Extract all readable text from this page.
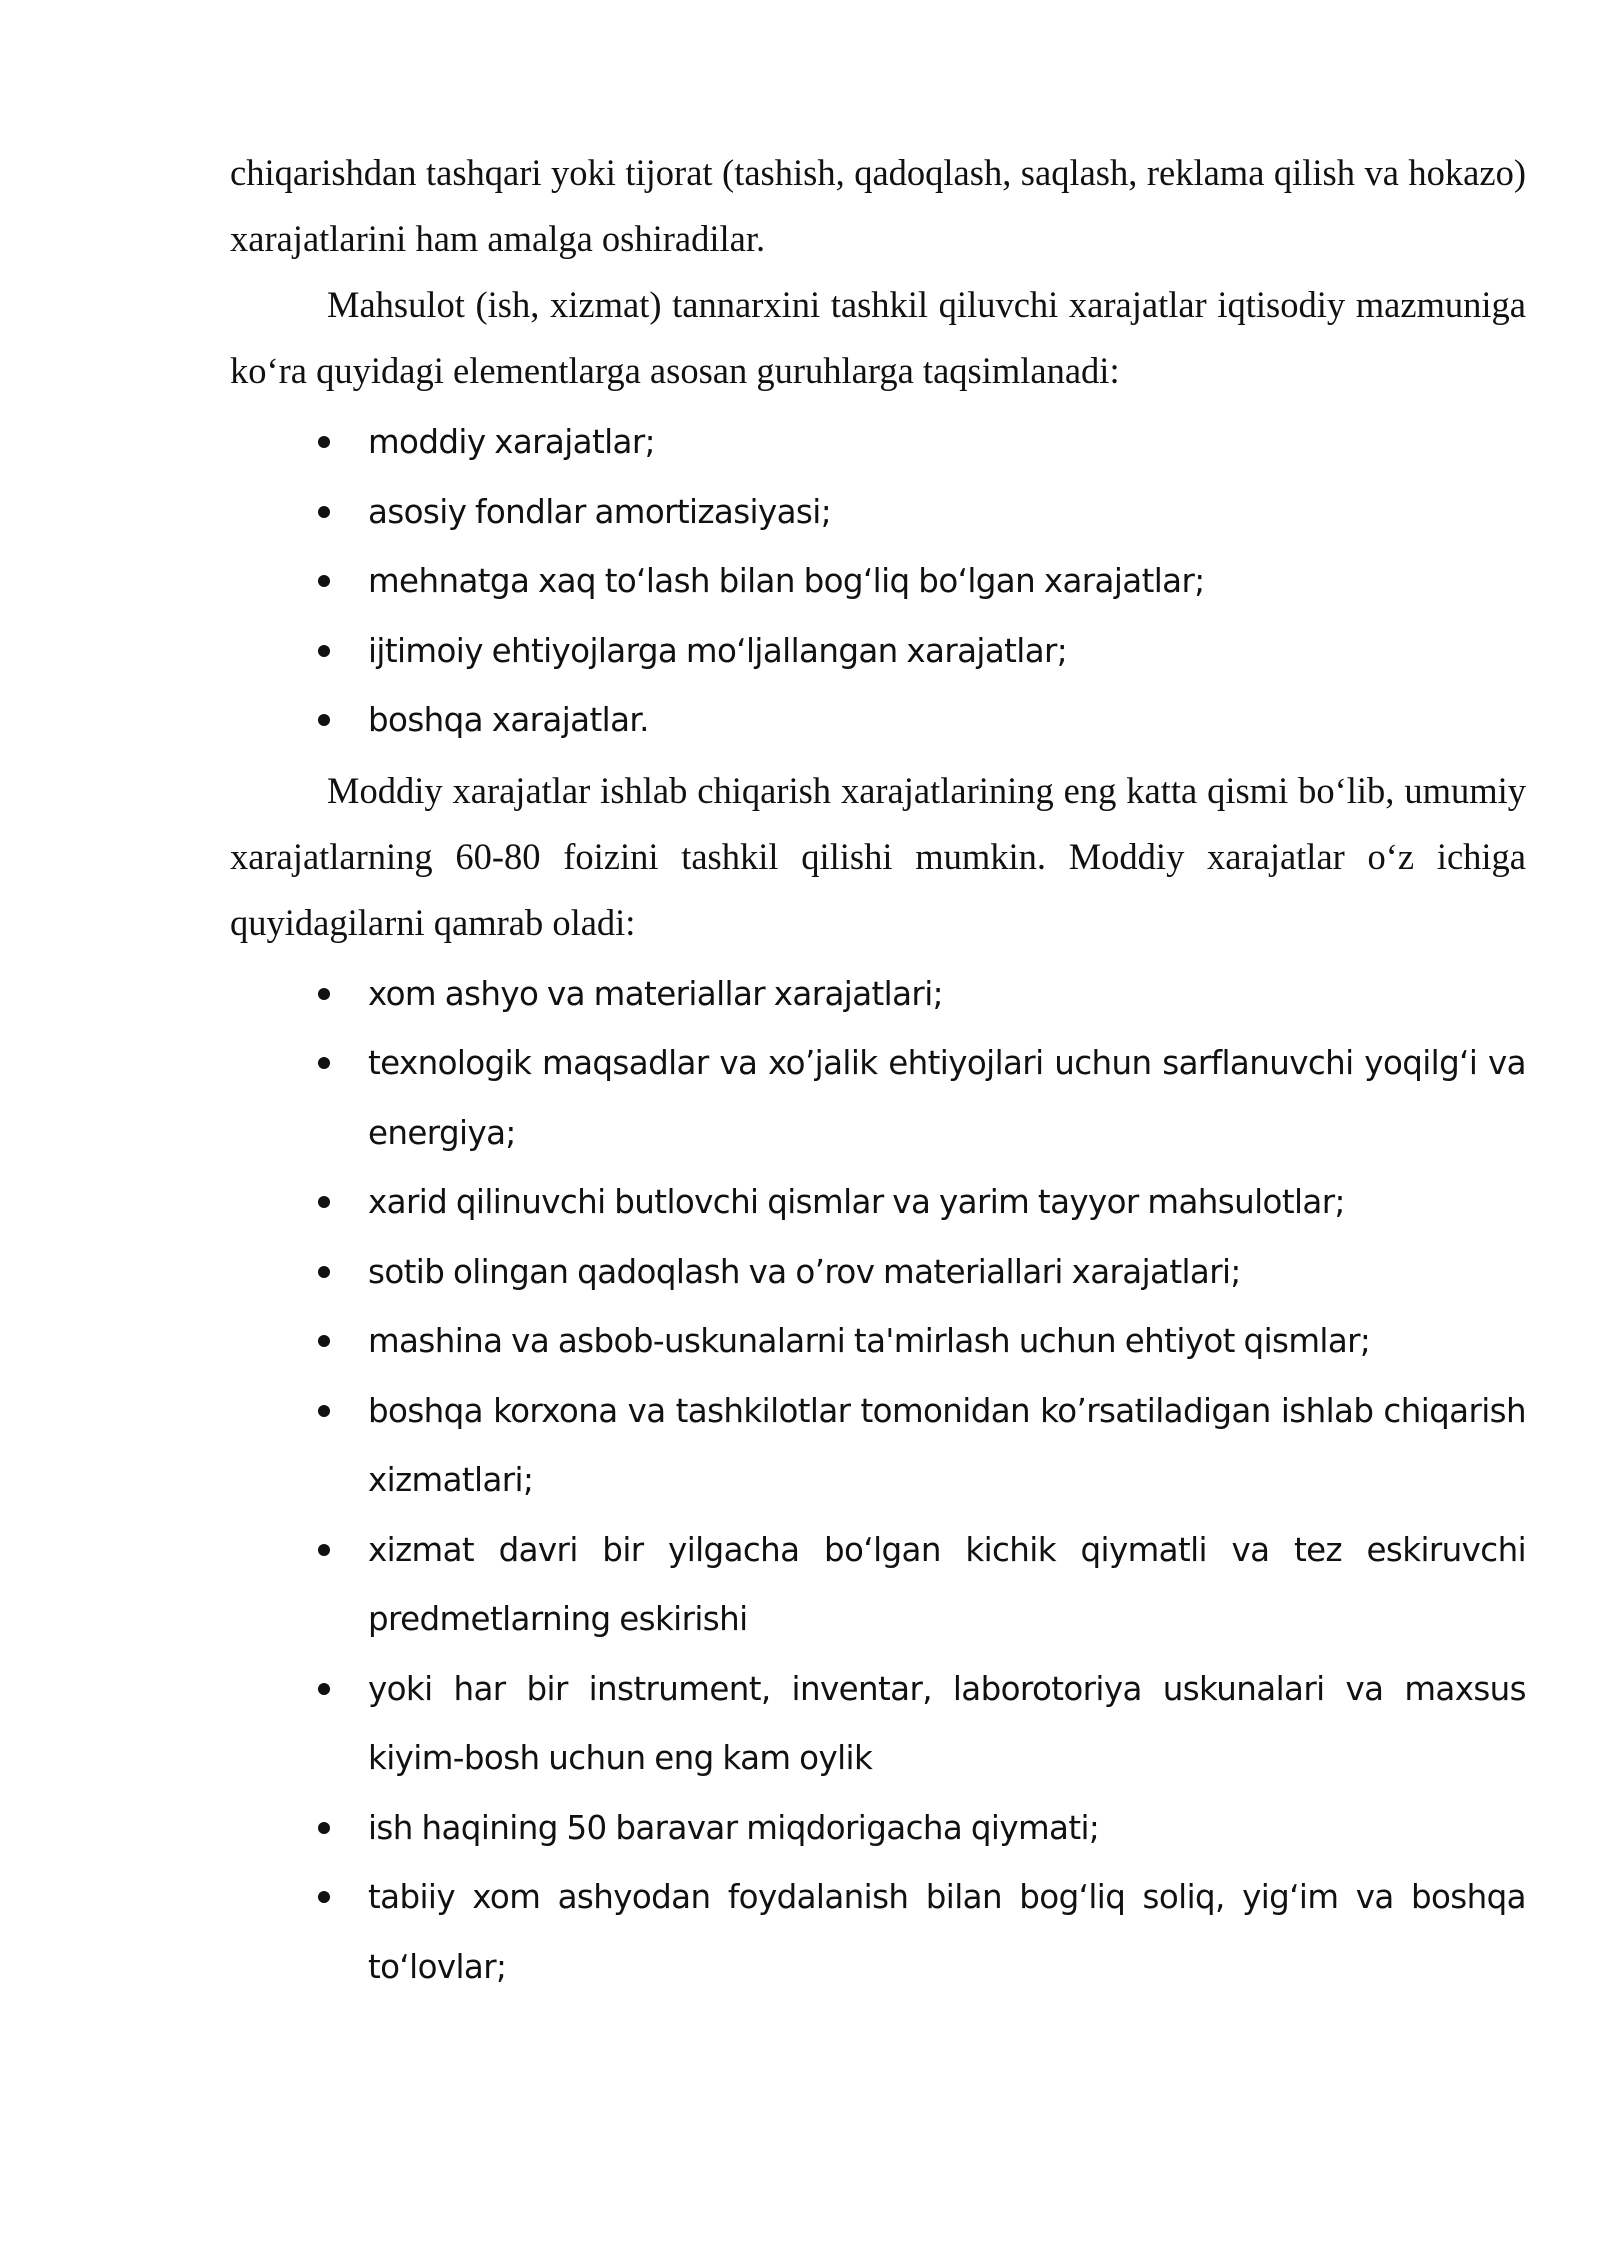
chiqarishdan tashqari yoki tijorat (tashish, qadoqlash, saqlash, reklama qilish va hokazo) xarajatlarini ham amalga oshiradilar.

Mahsulot (ish, xizmat) tannarxini tashkil qiluvchi xarajatlar iqtisodiy mazmuniga ko‘ra quyidagi elementlarga asosan guruhlarga taqsimlanadi:

moddiy xarajatlar;
asosiy fondlar amortizasiyasi;
mehnatga xaq to‘lash bilan bog‘liq bo‘lgan xarajatlar;
ijtimoiy ehtiyojlarga mo‘ljallangan xarajatlar;
boshqa xarajatlar.

Moddiy xarajatlar ishlab chiqarish xarajatlarining eng katta qismi bo‘lib, umumiy xarajatlarning 60-80 foizini tashkil qilishi mumkin. Moddiy xarajatlar o‘z ichiga quyidagilarni qamrab oladi:

xom ashyo va materiallar xarajatlari;
texnologik maqsadlar va xo’jalik ehtiyojlari uchun sarflanuvchi yoqilg‘i va energiya;
xarid qilinuvchi butlovchi qismlar va yarim tayyor mahsulotlar;
sotib olingan qadoqlash va o’rov materiallari xarajatlari;
mashina va asbob-uskunalarni ta'mirlash uchun ehtiyot qismlar;
boshqa korxona va tashkilotlar tomonidan ko’rsatiladigan ishlab chiqarish xizmatlari;
xizmat davri bir yilgacha bo‘lgan kichik qiymatli va tez eskiruvchi predmetlarning eskirishi
yoki har bir instrument, inventar, laborotoriya uskunalari va maxsus kiyim-bosh uchun eng kam oylik
ish haqining 50 baravar miqdorigacha qiymati;
tabiiy xom ashyodan foydalanish bilan bog‘liq soliq, yig‘im va boshqa to‘lovlar;
